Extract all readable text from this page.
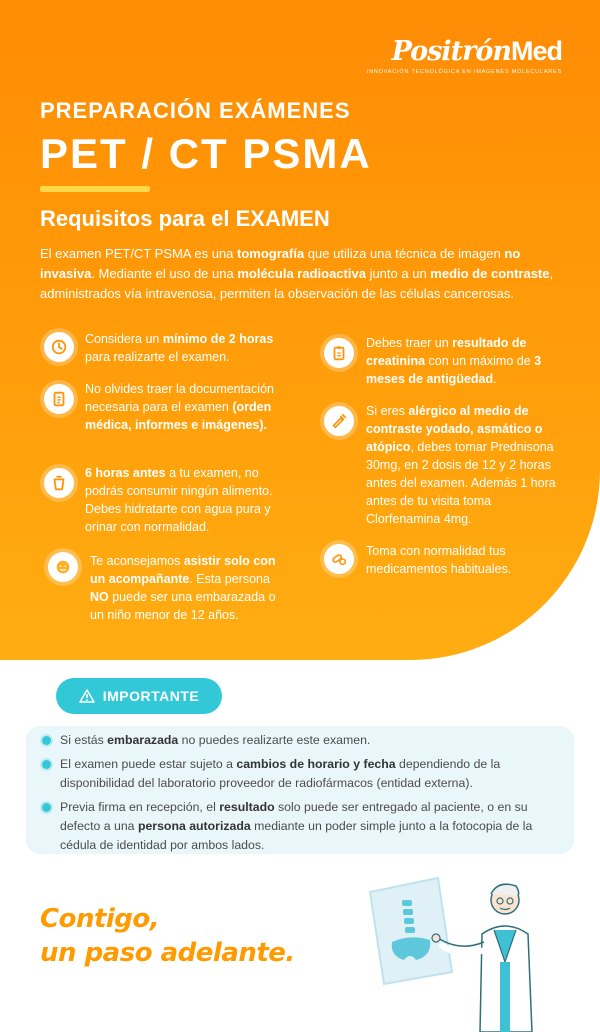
PositrónMed
INNOVACIÓN TECNOLÓGICA EN IMÁGENES MOLECULARES
PREPARACIÓN EXÁMENES
PET / CT PSMA
Requisitos para el EXAMEN
El examen PET/CT PSMA es una tomografía que utiliza una técnica de imagen no invasiva. Mediante el uso de una molécula radioactiva junto a un medio de contraste, administrados vía intravenosa, permiten la observación de las células cancerosas.
Considera un mínimo de 2 horas para realizarte el examen.
No olvides traer la documentación necesaria para el examen (orden médica, informes e imágenes).
6 horas antes a tu examen, no podrás consumir ningún alimento. Debes hidratarte con agua pura y orinar con normalidad.
Te aconsejamos asistir solo con un acompañante. Esta persona NO puede ser una embarazada o un niño menor de 12 años.
Debes traer un resultado de creatinina con un máximo de 3 meses de antigüedad.
Si eres alérgico al medio de contraste yodado, asmático o atópico, debes tomar Prednisona 30mg, en 2 dosis de 12 y 2 horas antes del examen. Además 1 hora antes de tu visita toma Clorfenamina 4mg.
Toma con normalidad tus medicamentos habituales.
IMPORTANTE
Si estás embarazada no puedes realizarte este examen.
El examen puede estar sujeto a cambios de horario y fecha dependiendo de la disponibilidad del laboratorio proveedor de radiofármacos (entidad externa).
Previa firma en recepción, el resultado solo puede ser entregado al paciente, o en su defecto a una persona autorizada mediante un poder simple junto a la fotocopia de la cédula de identidad por ambos lados.
Contigo,
un paso adelante.
